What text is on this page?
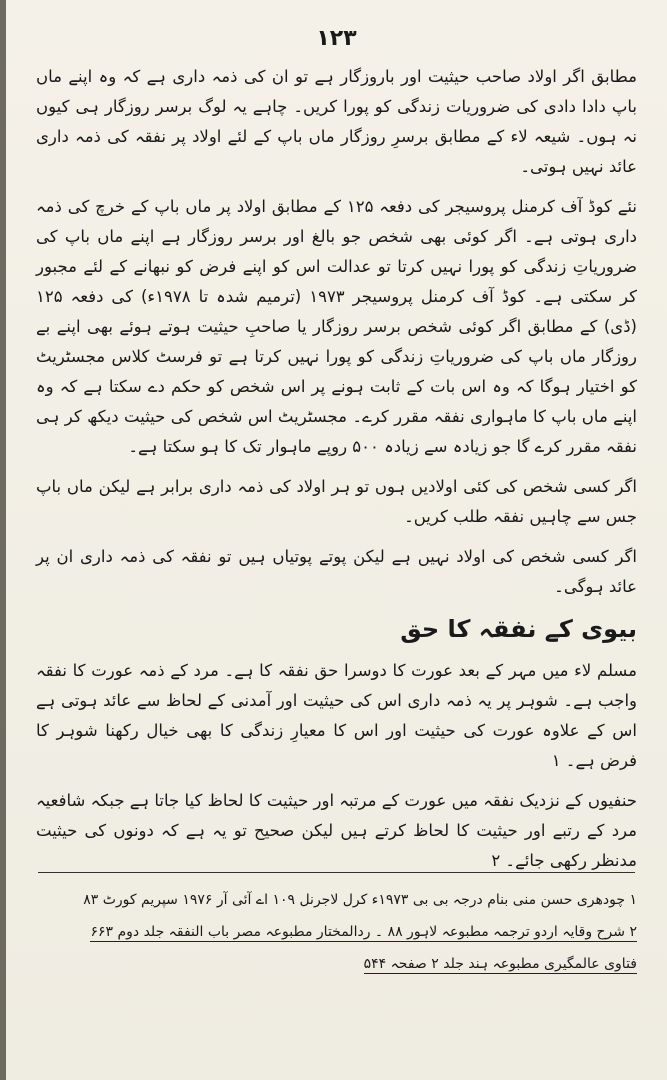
۱۲۳

مطابق اگر اولاد صاحب حیثیت اور باروزگار ہے تو ان کی ذمہ داری ہے کہ وہ اپنے ماں باپ دادا دادی کی ضروریات زندگی کو پورا کریں۔ چاہے یہ لوگ برسر روزگار ہی کیوں نہ ہوں۔ شیعہ لاء کے مطابق برسرِ روزگار ماں باپ کے لئے اولاد پر نفقہ کی ذمہ داری عائد نہیں ہوتی۔

نئے کوڈ آف کرمنل پروسیجر کی دفعہ ۱۲۵ کے مطابق اولاد پر ماں باپ کے خرچ کی ذمہ داری ہوتی ہے۔ اگر کوئی بھی شخص جو بالغ اور برسر روزگار ہے اپنے ماں باپ کی ضروریاتِ زندگی کو پورا نہیں کرتا تو عدالت اس کو اپنے فرض کو نبھانے کے لئے مجبور کر سکتی ہے۔ کوڈ آف کرمنل پروسیجر ۱۹۷۳ (ترمیم شدہ تا ۱۹۷۸ء) کی دفعہ ۱۲۵ (ڈی) کے مطابق اگر کوئی شخص برسر روزگار یا صاحبِ حیثیت ہوتے ہوئے بھی اپنے بے روزگار ماں باپ کی ضروریاتِ زندگی کو پورا نہیں کرتا ہے تو فرسٹ کلاس مجسٹریٹ کو اختیار ہوگا کہ وہ اس بات کے ثابت ہونے پر اس شخص کو حکم دے سکتا ہے کہ وہ اپنے ماں باپ کا ماہواری نفقہ مقرر کرے۔ مجسٹریٹ اس شخص کی حیثیت دیکھ کر ہی نفقہ مقرر کرے گا جو زیادہ سے زیادہ ۵۰۰ روپے ماہوار تک کا ہو سکتا ہے۔

اگر کسی شخص کی کئی اولادیں ہوں تو ہر اولاد کی ذمہ داری برابر ہے لیکن ماں باپ جس سے چاہیں نفقہ طلب کریں۔

اگر کسی شخص کی اولاد نہیں ہے لیکن پوتے پوتیاں ہیں تو نفقہ کی ذمہ داری ان پر عائد ہوگی۔

بیوی کے نفقہ کا حق

مسلم لاء میں مہر کے بعد عورت کا دوسرا حق نفقہ کا ہے۔ مرد کے ذمہ عورت کا نفقہ واجب ہے۔ شوہر پر یہ ذمہ داری اس کی حیثیت اور آمدنی کے لحاظ سے عائد ہوتی ہے اس کے علاوہ عورت کی حیثیت اور اس کا معیارِ زندگی کا بھی خیال رکھنا شوہر کا فرض ہے۔ ۱

حنفیوں کے نزدیک نفقہ میں عورت کے مرتبہ اور حیثیت کا لحاظ کیا جاتا ہے جبکہ شافعیہ مرد کے رتبے اور حیثیت کا لحاظ کرتے ہیں لیکن صحیح تو یہ ہے کہ دونوں کی حیثیت مدنظر رکھی جائے۔ ۲

۱ چودھری حسن منی بنام درجہ بی بی ۱۹۷۳ء کرل لاجرنل ۱۰۹ اے آئی آر ۱۹۷۶ سپریم کورٹ ۸۳

۲ شرح وقایہ اردو ترجمہ مطبوعہ لاہور ۸۸ ۔ ردالمختار مطبوعہ مصر باب النفقہ جلد دوم ۶۶۳

فتاوی عالمگیری مطبوعہ ہند جلد ۲ صفحہ ۵۴۴
